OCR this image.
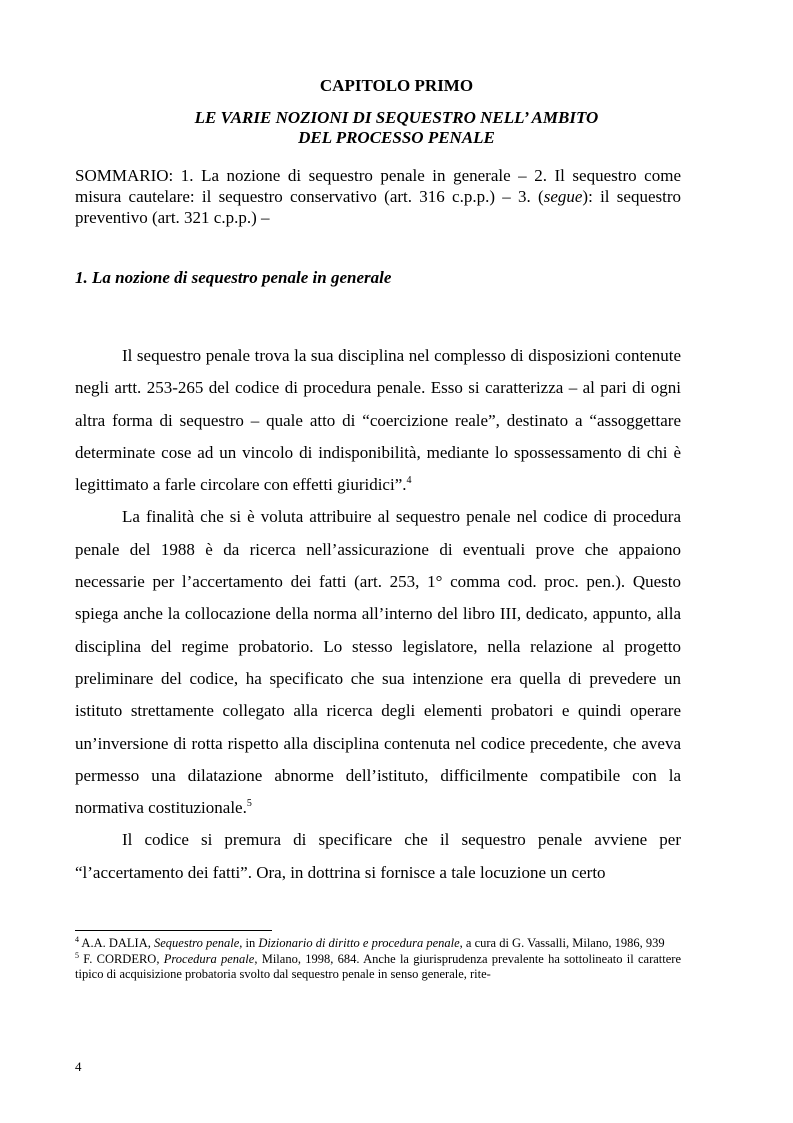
CAPITOLO PRIMO
LE VARIE NOZIONI DI SEQUESTRO NELL’ AMBITO
DEL PROCESSO PENALE
SOMMARIO: 1. La nozione di sequestro penale in generale – 2. Il sequestro come misura cautelare: il sequestro conservativo (art. 316 c.p.p.) – 3. (segue): il sequestro preventivo (art. 321 c.p.p.) –
1. La nozione di sequestro penale in generale

Il sequestro penale trova la sua disciplina nel complesso di disposizioni contenute negli artt. 253-265 del codice di procedura penale. Esso si caratterizza – al pari di ogni altra forma di sequestro – quale atto di “coercizione reale”, destinato a “assoggettare determinate cose ad un vincolo di indisponibilità, mediante lo spossessamento di chi è legittimato a farle circolare con effetti giuridici”.$^4$

La finalità che si è voluta attribuire al sequestro penale nel codice di procedura penale del 1988 è da ricerca nell’assicurazione di eventuali prove che appaiono necessarie per l’accertamento dei fatti (art. 253, 1° comma cod. proc. pen.). Questo spiega anche la collocazione della norma all’interno del libro III, dedicato, appunto, alla disciplina del regime probatorio. Lo stesso legislatore, nella relazione al progetto preliminare del codice, ha specificato che sua intenzione era quella di prevedere un istituto strettamente collegato alla ricerca degli elementi probatori e quindi operare un’inversione di rotta rispetto alla disciplina contenuta nel codice precedente, che aveva permesso una dilatazione abnorme dell’istituto, difficilmente compatibile con la normativa costituzionale.$^5$

Il codice si premura di specificare che il sequestro penale avviene per “l’accertamento dei fatti”. Ora, in dottrina si fornisce a tale locuzione un certo

$^4$ A.A. DALIA, Sequestro penale, in Dizionario di diritto e procedura penale, a cura di G. Vassalli, Milano, 1986, 939

$^5$ F. CORDERO, Procedura penale, Milano, 1998, 684. Anche la giurisprudenza prevalente ha sottolineato il carattere tipico di acquisizione probatoria svolto dal sequestro penale in senso generale, rite-

4
